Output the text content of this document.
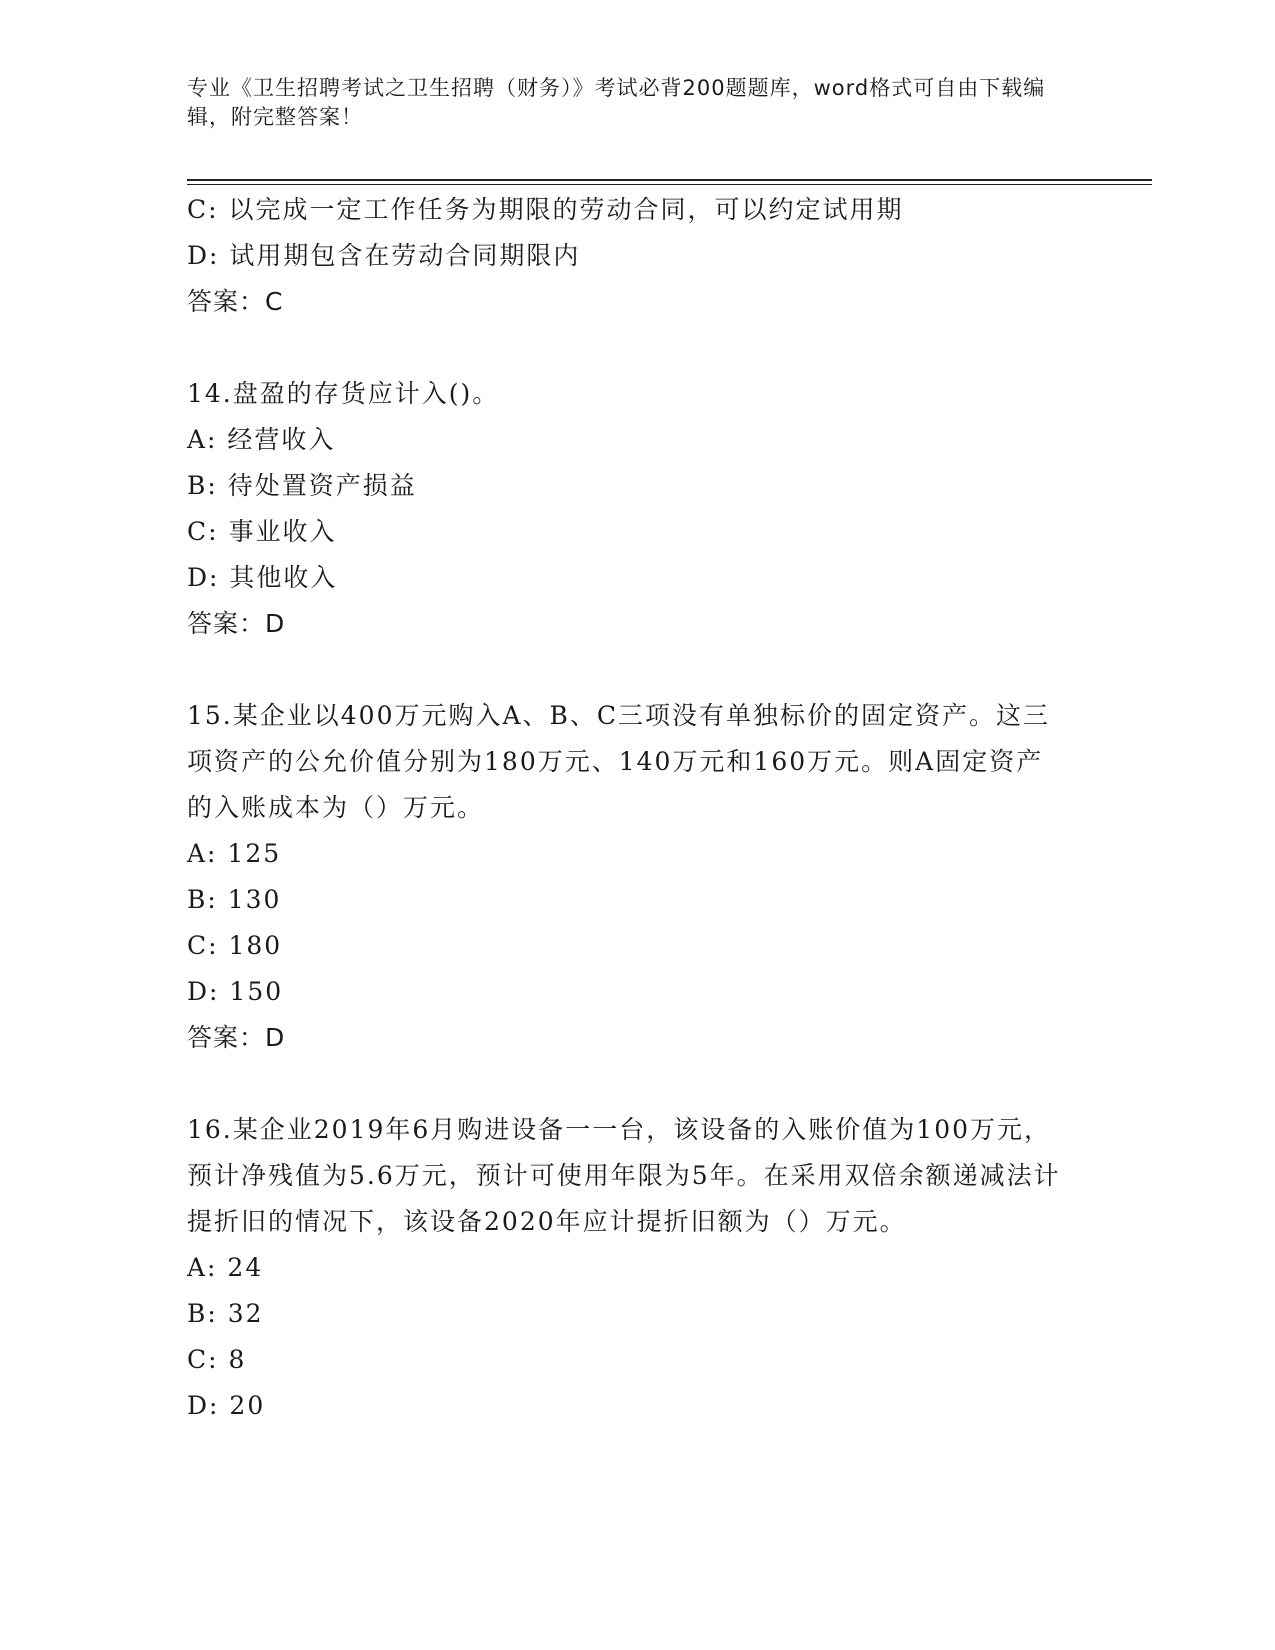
专业《卫生招聘考试之卫生招聘（财务）》考试必背200题题库，word格式可自由下载编辑，附完整答案！
C: 以完成一定工作任务为期限的劳动合同，可以约定试用期
D: 试用期包含在劳动合同期限内
答案：C
14.盘盈的存货应计入()。
A: 经营收入
B: 待处置资产损益
C: 事业收入
D: 其他收入
答案：D
15.某企业以400万元购入A、B、C三项没有单独标价的固定资产。这三项资产的公允价值分别为180万元、140万元和160万元。则A固定资产的入账成本为（）万元。
A: 125
B: 130
C: 180
D: 150
答案：D
16.某企业2019年6月购进设备一一台，该设备的入账价值为100万元，预计净残值为5.6万元，预计可使用年限为5年。在采用双倍余额递减法计提折旧的情况下，该设备2020年应计提折旧额为（）万元。
A: 24
B: 32
C: 8
D: 20
